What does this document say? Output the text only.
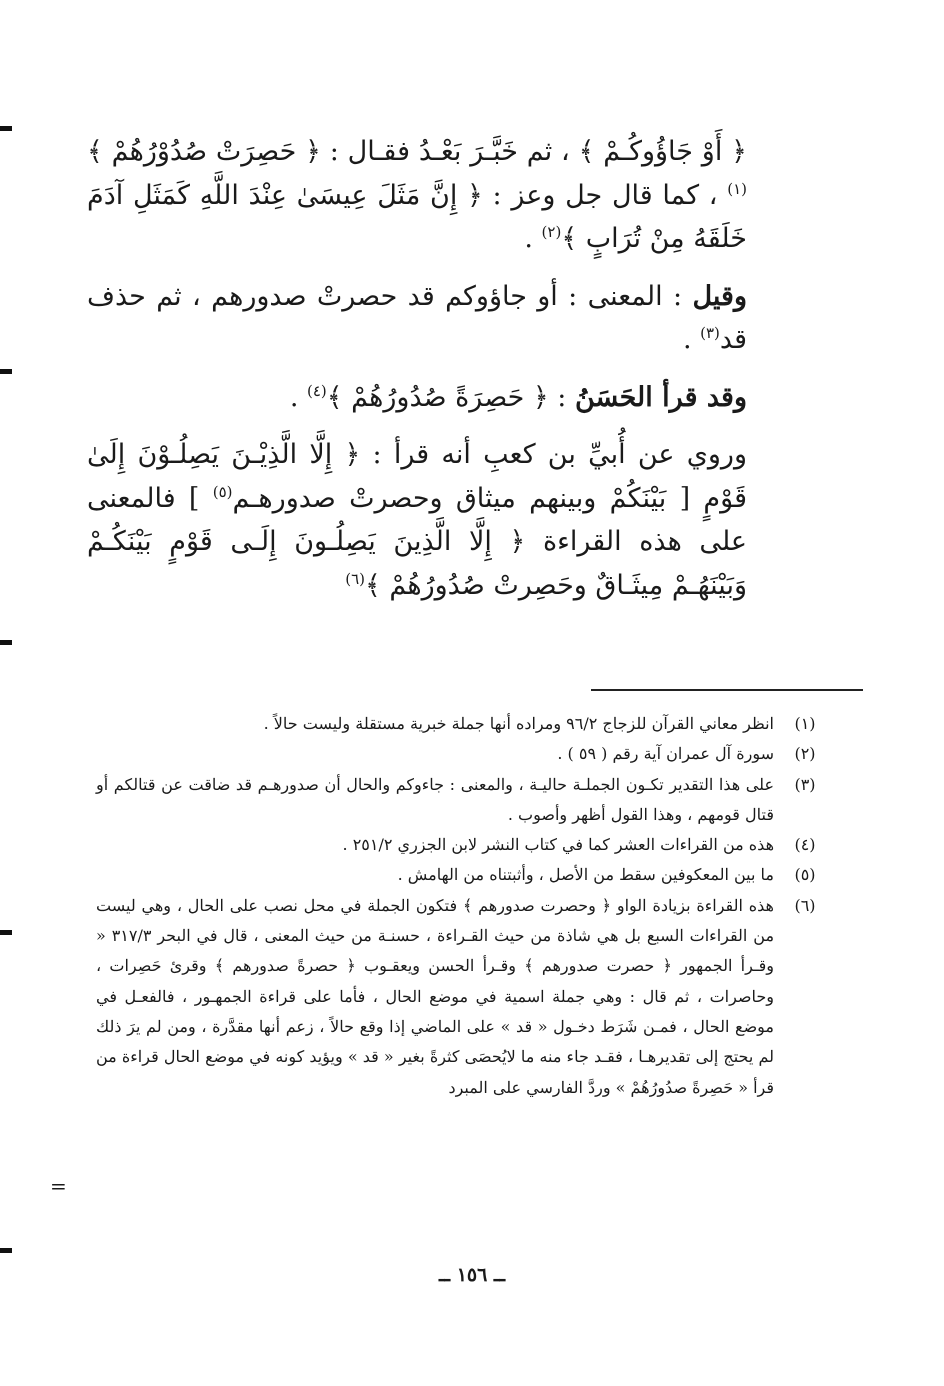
﴿ أَوْ جَاؤُوكُـمْ ﴾ ، ثم خَبَّـرَ بَعْـدُ فقـال : ﴿ حَصِرَتْ صُدُوْرُهُمْ ﴾$^{(١)}$ ، كما قال جل وعز : ﴿ إِنَّ مَثَلَ عِيسَىٰ عِنْدَ اللَّهِ كَمَثَلِ آدَمَ خَلَقَهُ مِنْ تُرَابٍ ﴾$^{(٢)}$ .

وقيل : المعنى : أو جاؤوكم قد حصرتْ صدورهم ، ثم حذف قد$^{(٣)}$ .

وقد قرأ الحَسَنُ : ﴿ حَصِرَةً صُدُورُهُمْ ﴾$^{(٤)}$ .

وروي عن أُبيِّ بن كعبِ أنه قرأ : ﴿ إِلَّا الَّذِيْـنَ يَصِلُـوْنَ إِلَىٰ قَوْمٍ [ بَيْنَكُمْ وبينهم ميثاق وحصرتْ صدورهـم$^{(٥)}$ ] فالمعنى على هذه القراءة ﴿ إِلَّا الَّذِينَ يَصِلُـونَ إِلَـى قَوْمٍ بَيْنَكُـمْ وَبَيْنَهُـمْ مِيثَـاقٌ وحَصِرتْ صُدُورُهُمْ ﴾$^{(٦)}$

(١)
انظر معاني القرآن للزجاج ٩٦/٢ ومراده أنها جملة خبرية مستقلة وليست حالاً .
(٢)
سورة آل عمران آية رقم ( ٥٩ ) .
(٣)
على هذا التقدير تكـون الجملـة حاليـة ، والمعنى : جاءوكم والحال أن صدورهـم قد ضاقت عن قتالكم أو قتال قومهم ، وهذا القول أظهر وأصوب .
(٤)
هذه من القراءات العشر كما في كتاب النشر لابن الجزري ٢٥١/٢ .
(٥)
ما بين المعكوفين سقط من الأصل ، وأثبتناه من الهامش .
(٦)
هذه القراءة بزيادة الواو ﴿ وحصرت صدورهم ﴾ فتكون الجملة في محل نصب على الحال ، وهي ليست من القراءات السبع بل هي شاذة من حيث القـراءة ، حسنـة من حيث المعنى ، قال في البحر ٣١٧/٣ « وقـرأ الجمهور ﴿ حصرت صدورهم ﴾ وقـرأ الحسن ويعقـوب ﴿ حصرةً صدورهم ﴾ وقرئ حَصِرات ، وحاصرات ، ثم قال : وهي جملة اسمية في موضع الحال ، فأما على قراءة الجمهـور ، فالفعـل في موضع الحال ، فمـن شَرَط دخـول « قد » على الماضي إذا وقع حالاً ، زعم أنها مقدَّرة ، ومن لم يرَ ذلك لم يحتج إلى تقديرهـا ، فقـد جاء منه ما لايُحصَى كثرةً بغير « قد » ويؤيد كونه في موضع الحال قراءة من قرأ « حَصِرةً صدُورُهُمْ » وردَّ الفارسي على المبرد
=
ــ ١٥٦ ــ
